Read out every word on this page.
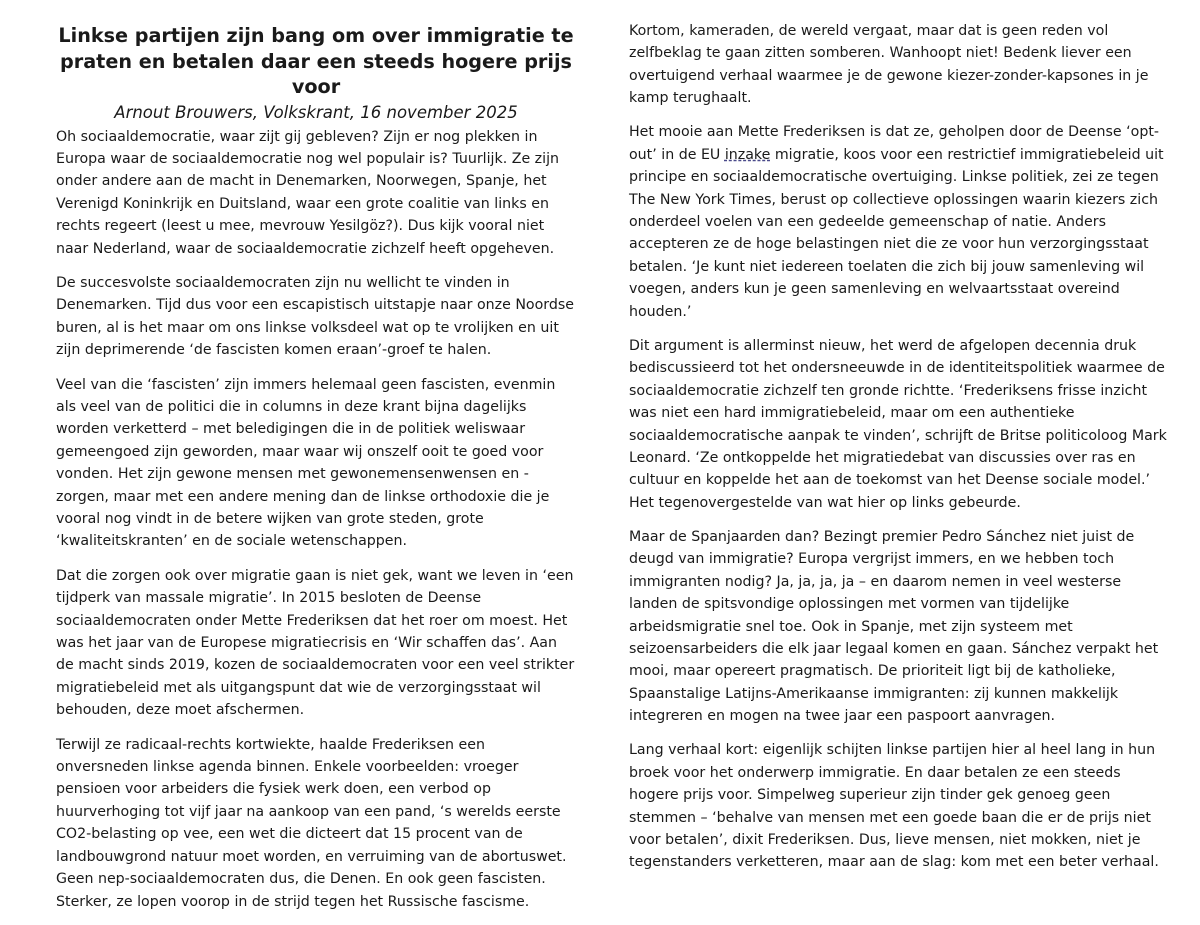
Linkse partijen zijn bang om over immigratie te praten en betalen daar een steeds hogere prijs voor
Arnout Brouwers, Volkskrant, 16 november 2025

Oh sociaaldemocratie, waar zijt gij gebleven? Zijn er nog plekken in Europa waar de sociaaldemocratie nog wel populair is? Tuurlijk. Ze zijn onder andere aan de macht in Denemarken, Noorwegen, Spanje, het Verenigd Koninkrijk en Duitsland, waar een grote coalitie van links en rechts regeert (leest u mee, mevrouw Yesilgöz?). Dus kijk vooral niet naar Nederland, waar de sociaaldemocratie zichzelf heeft opgeheven.

De succesvolste sociaaldemocraten zijn nu wellicht te vinden in Denemarken. Tijd dus voor een escapistisch uitstapje naar onze Noordse buren, al is het maar om ons linkse volksdeel wat op te vrolijken en uit zijn deprimerende ‘de fascisten komen eraan’-groef te halen.

Veel van die ‘fascisten’ zijn immers helemaal geen fascisten, evenmin als veel van de politici die in columns in deze krant bijna dagelijks worden verketterd – met beledigingen die in de politiek weliswaar gemeengoed zijn geworden, maar waar wij onszelf ooit te goed voor vonden. Het zijn gewone mensen met gewonemensenwensen en -zorgen, maar met een andere mening dan de linkse orthodoxie die je vooral nog vindt in de betere wijken van grote steden, grote ‘kwaliteitskranten’ en de sociale wetenschappen.

Dat die zorgen ook over migratie gaan is niet gek, want we leven in ‘een tijdperk van massale migratie’. In 2015 besloten de Deense sociaaldemocraten onder Mette Frederiksen dat het roer om moest. Het was het jaar van de Europese migratiecrisis en ‘Wir schaffen das’. Aan de macht sinds 2019, kozen de sociaaldemocraten voor een veel strikter migratiebeleid met als uitgangspunt dat wie de verzorgingsstaat wil behouden, deze moet afschermen.

Terwijl ze radicaal-rechts kortwiekte, haalde Frederiksen een onversneden linkse agenda binnen. Enkele voorbeelden: vroeger pensioen voor arbeiders die fysiek werk doen, een verbod op huurverhoging tot vijf jaar na aankoop van een pand, ‘s werelds eerste CO2-belasting op vee, een wet die dicteert dat 15 procent van de landbouwgrond natuur moet worden, en verruiming van de abortuswet. Geen nep-sociaaldemocraten dus, die Denen. En ook geen fascisten. Sterker, ze lopen voorop in de strijd tegen het Russische fascisme.

Kortom, kameraden, de wereld vergaat, maar dat is geen reden vol zelfbeklag te gaan zitten somberen. Wanhoopt niet! Bedenk liever een overtuigend verhaal waarmee je de gewone kiezer-zonder-kapsones in je kamp terughaalt.

Het mooie aan Mette Frederiksen is dat ze, geholpen door de Deense ‘opt-out’ in de EU inzake migratie, koos voor een restrictief immigratiebeleid uit principe en sociaaldemocratische overtuiging. Linkse politiek, zei ze tegen The New York Times, berust op collectieve oplossingen waarin kiezers zich onderdeel voelen van een gedeelde gemeenschap of natie. Anders accepteren ze de hoge belastingen niet die ze voor hun verzorgingsstaat betalen. ‘Je kunt niet iedereen toelaten die zich bij jouw samenleving wil voegen, anders kun je geen samenleving en welvaartsstaat overeind houden.’

Dit argument is allerminst nieuw, het werd de afgelopen decennia druk bediscussieerd tot het ondersneeuwde in de identiteitspolitiek waarmee de sociaaldemocratie zichzelf ten gronde richtte. ‘Frederiksens frisse inzicht was niet een hard immigratiebeleid, maar om een authentieke sociaaldemocratische aanpak te vinden’, schrijft de Britse politicoloog Mark Leonard. ‘Ze ontkoppelde het migratiedebat van discussies over ras en cultuur en koppelde het aan de toekomst van het Deense sociale model.’ Het tegenovergestelde van wat hier op links gebeurde.

Maar de Spanjaarden dan? Bezingt premier Pedro Sánchez niet juist de deugd van immigratie? Europa vergrijst immers, en we hebben toch immigranten nodig? Ja, ja, ja, ja – en daarom nemen in veel westerse landen de spitsvondige oplossingen met vormen van tijdelijke arbeidsmigratie snel toe. Ook in Spanje, met zijn systeem met seizoensarbeiders die elk jaar legaal komen en gaan. Sánchez verpakt het mooi, maar opereert pragmatisch. De prioriteit ligt bij de katholieke, Spaanstalige Latijns-Amerikaanse immigranten: zij kunnen makkelijk integreren en mogen na twee jaar een paspoort aanvragen.

Lang verhaal kort: eigenlijk schijten linkse partijen hier al heel lang in hun broek voor het onderwerp immigratie. En daar betalen ze een steeds hogere prijs voor. Simpelweg superieur zijn tinder gek genoeg geen stemmen – ‘behalve van mensen met een goede baan die er de prijs niet voor betalen’, dixit Frederiksen. Dus, lieve mensen, niet mokken, niet je tegenstanders verketteren, maar aan de slag: kom met een beter verhaal.
